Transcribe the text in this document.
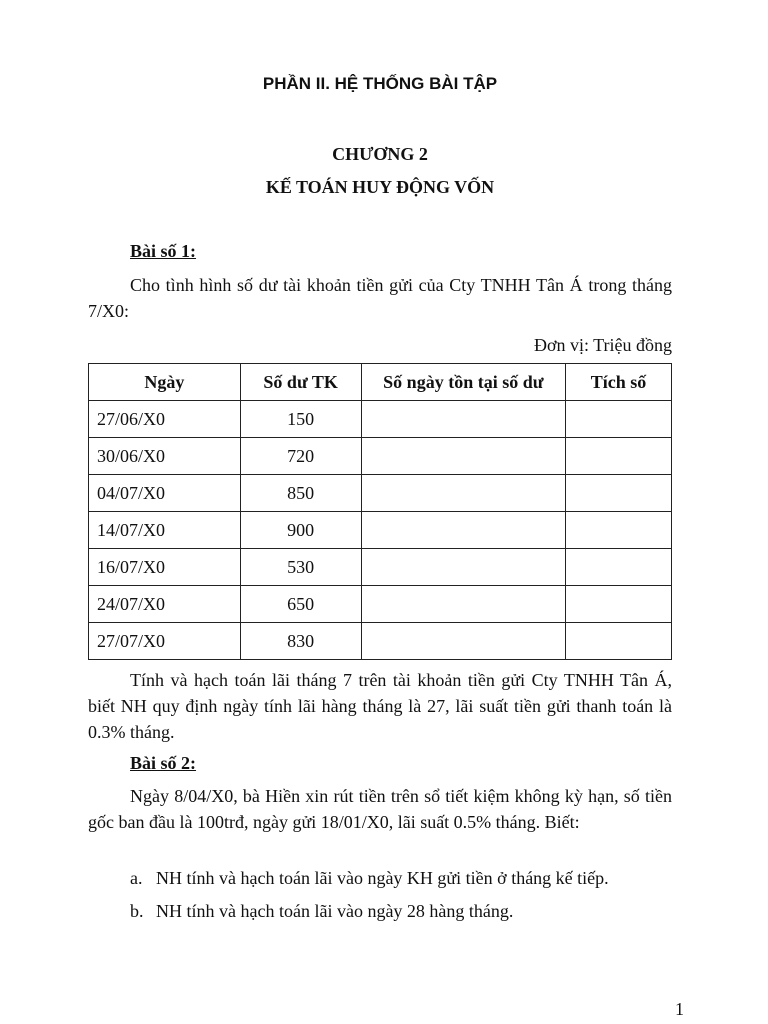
PHẦN II. HỆ THỐNG BÀI TẬP
CHƯƠNG 2
KẾ TOÁN HUY ĐỘNG VỐN
Bài số 1:
Cho tình hình số dư tài khoản tiền gửi của Cty TNHH Tân Á trong tháng 7/X0:
Đơn vị: Triệu đồng
Ngày	Số dư TK	Số ngày tồn tại số dư	Tích số
27/06/X0	150		
30/06/X0	720		
04/07/X0	850		
14/07/X0	900		
16/07/X0	530		
24/07/X0	650		
27/07/X0	830		
Tính và hạch toán lãi tháng 7 trên tài khoản tiền gửi Cty TNHH Tân Á, biết NH quy định ngày tính lãi hàng tháng là 27, lãi suất tiền gửi thanh toán là 0.3% tháng.
Bài số 2:
Ngày 8/04/X0, bà Hiền xin rút tiền trên sổ tiết kiệm không kỳ hạn, số tiền gốc ban đầu là 100trđ, ngày gửi 18/01/X0, lãi suất 0.5% tháng. Biết:
a. NH tính và hạch toán lãi vào ngày KH gửi tiền ở tháng kế tiếp.
b. NH tính và hạch toán lãi vào ngày 28 hàng tháng.
1
